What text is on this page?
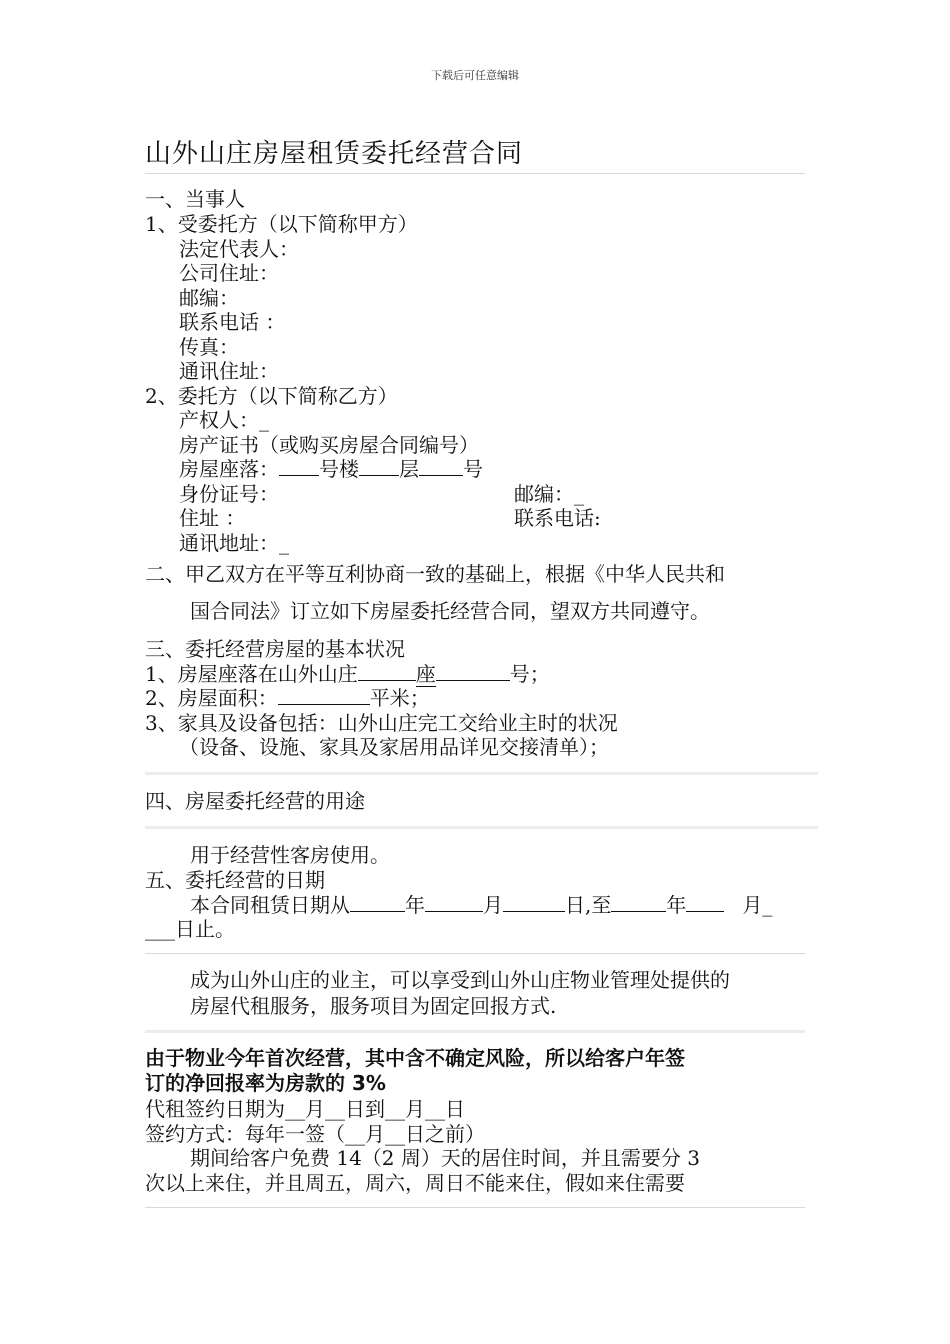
下载后可任意编辑
山外山庄房屋租赁委托经营合同
一、当事人
1、受委托方（以下简称甲方）
法定代表人：
公司住址：
邮编：
联系电话 ：
传真：
通讯住址：
2、委托方（以下简称乙方）
产权人：_
房产证书（或购买房屋合同编号）
房屋座落： 号楼 层 号
身份证号：	邮编：_
住址 ：	联系电话:
通讯地址：_
二、甲乙双方在平等互利协商一致的基础上，根据《中华人民共和
国合同法》订立如下房屋委托经营合同，望双方共同遵守。
三、委托经营房屋的基本状况
1、房屋座落在山外山庄	座	号；
2、房屋面积：	平米；
3、家具及设备包括：山外山庄完工交给业主时的状况
（设备、设施、家具及家居用品详见交接清单）；
四、房屋委托经营的用途
用于经营性客房使用。
五、委托经营的日期
本合同租赁日期从	年	月	日,至	年	月_
___日止。
成为山外山庄的业主，可以享受到山外山庄物业管理处提供的
房屋代租服务，服务项目为固定回报方式.
由于物业今年首次经营，其中含不确定风险，所以给客户年签
订的净回报率为房款的 3%
代租签约日期为__月__日到__月__日
签约方式：每年一签（__月__日之前）
期间给客户免费 14（2 周）天的居住时间，并且需要分 3
次以上来住，并且周五，周六，周日不能来住，假如来住需要
